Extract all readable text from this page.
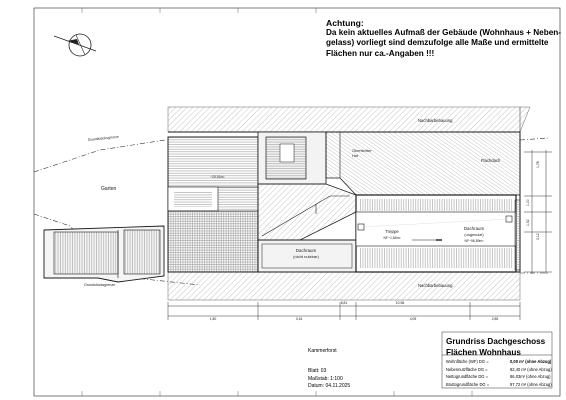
Nachbarbebauung
Nachbarbebauung
Garten
Grundstücksgrenze
Grundstücksgrenze
Oberlichter Hof
Flachdach
Dachraum
(nicht nutzbar)
~25,51m²
Treppe
NF~1,65m²
Dachraum
(ungenutzt)
NF~56,89m²
1,80	3,16
8,81
4,05	2,85
10,58
1,78
1,00
1,52
3,12
Achtung:
Da kein aktuelles Aufmaß der Gebäude (Wohnhaus + Neben-
gelass) vorliegt sind demzufolge alle Maße und ermittelte
Flächen nur ca.-Angaben !!!
Kammerforst
Blatt: 03
Maßstab: 1:100
Datum: 04.11.2025
Grundriss Dachgeschoss
Flächen Wohnhaus
Wohnfläche (WF) DG =	0,00 m² (ohne Abzug)
Nebennutzfläche DG =	82,40 m² (ohne Abzug)
Nettogrundfläche DG =	86,03m² (ohne Abzug)
Bruttogrundfläche DG =	97,72 m² (ohne Abzug)
